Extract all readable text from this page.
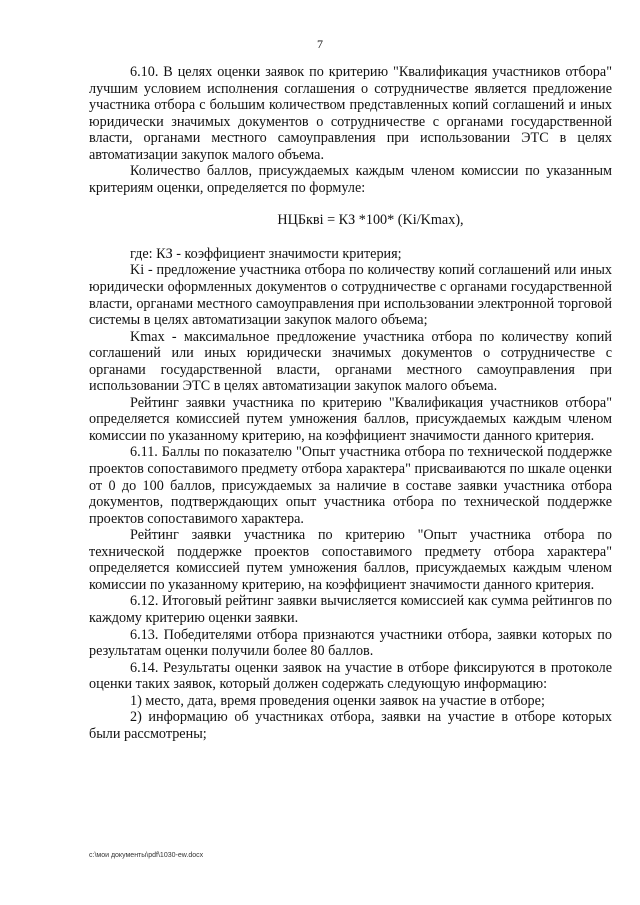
7

6.10. В целях оценки заявок по критерию "Квалификация участников отбора" лучшим условием исполнения соглашения о сотрудничестве является предложение участника отбора с большим количеством представленных копий соглашений и иных юридически значимых документов о сотрудничестве с органами государственной власти, органами местного самоуправления при использовании ЭТС в целях автоматизации закупок малого объема.

Количество баллов, присуждаемых каждым членом комиссии по указанным критериям оценки, определяется по формуле:

НЦБквi = КЗ *100* (Ki/Kmax),

где: КЗ - коэффициент значимости критерия;

Ki - предложение участника отбора по количеству копий соглашений или иных юридически оформленных документов о сотрудничестве с органами государственной власти, органами местного самоуправления при использовании электронной торговой системы в целях автоматизации закупок малого объема;

Kmax - максимальное предложение участника отбора по количеству копий соглашений или иных юридически значимых документов о сотрудничестве с органами государственной власти, органами местного самоуправления при использовании ЭТС в целях автоматизации закупок малого объема.

Рейтинг заявки участника по критерию "Квалификация участников отбора" определяется комиссией путем умножения баллов, присуждаемых каждым членом комиссии по указанному критерию, на коэффициент значимости данного критерия.

6.11. Баллы по показателю "Опыт участника отбора по технической поддержке проектов сопоставимого предмету отбора характера" присваиваются по шкале оценки от 0 до 100 баллов, присуждаемых за наличие в составе заявки участника отбора документов, подтверждающих опыт участника отбора по технической поддержке проектов сопоставимого характера.

Рейтинг заявки участника по критерию "Опыт участника отбора по технической поддержке проектов сопоставимого предмету отбора характера" определяется комиссией путем умножения баллов, присуждаемых каждым членом комиссии по указанному критерию, на коэффициент значимости данного критерия.

6.12. Итоговый рейтинг заявки вычисляется комиссией как сумма рейтингов по каждому критерию оценки заявки.

6.13. Победителями отбора признаются участники отбора, заявки которых по результатам оценки получили более 80 баллов.

6.14. Результаты оценки заявок на участие в отборе фиксируются в протоколе оценки таких заявок, который должен содержать следующую информацию:

1) место, дата, время проведения оценки заявок на участие в отборе;

2) информацию об участниках отбора, заявки на участие в отборе которых были рассмотрены;

c:\мои документы\pdf\1030-ew.docx
